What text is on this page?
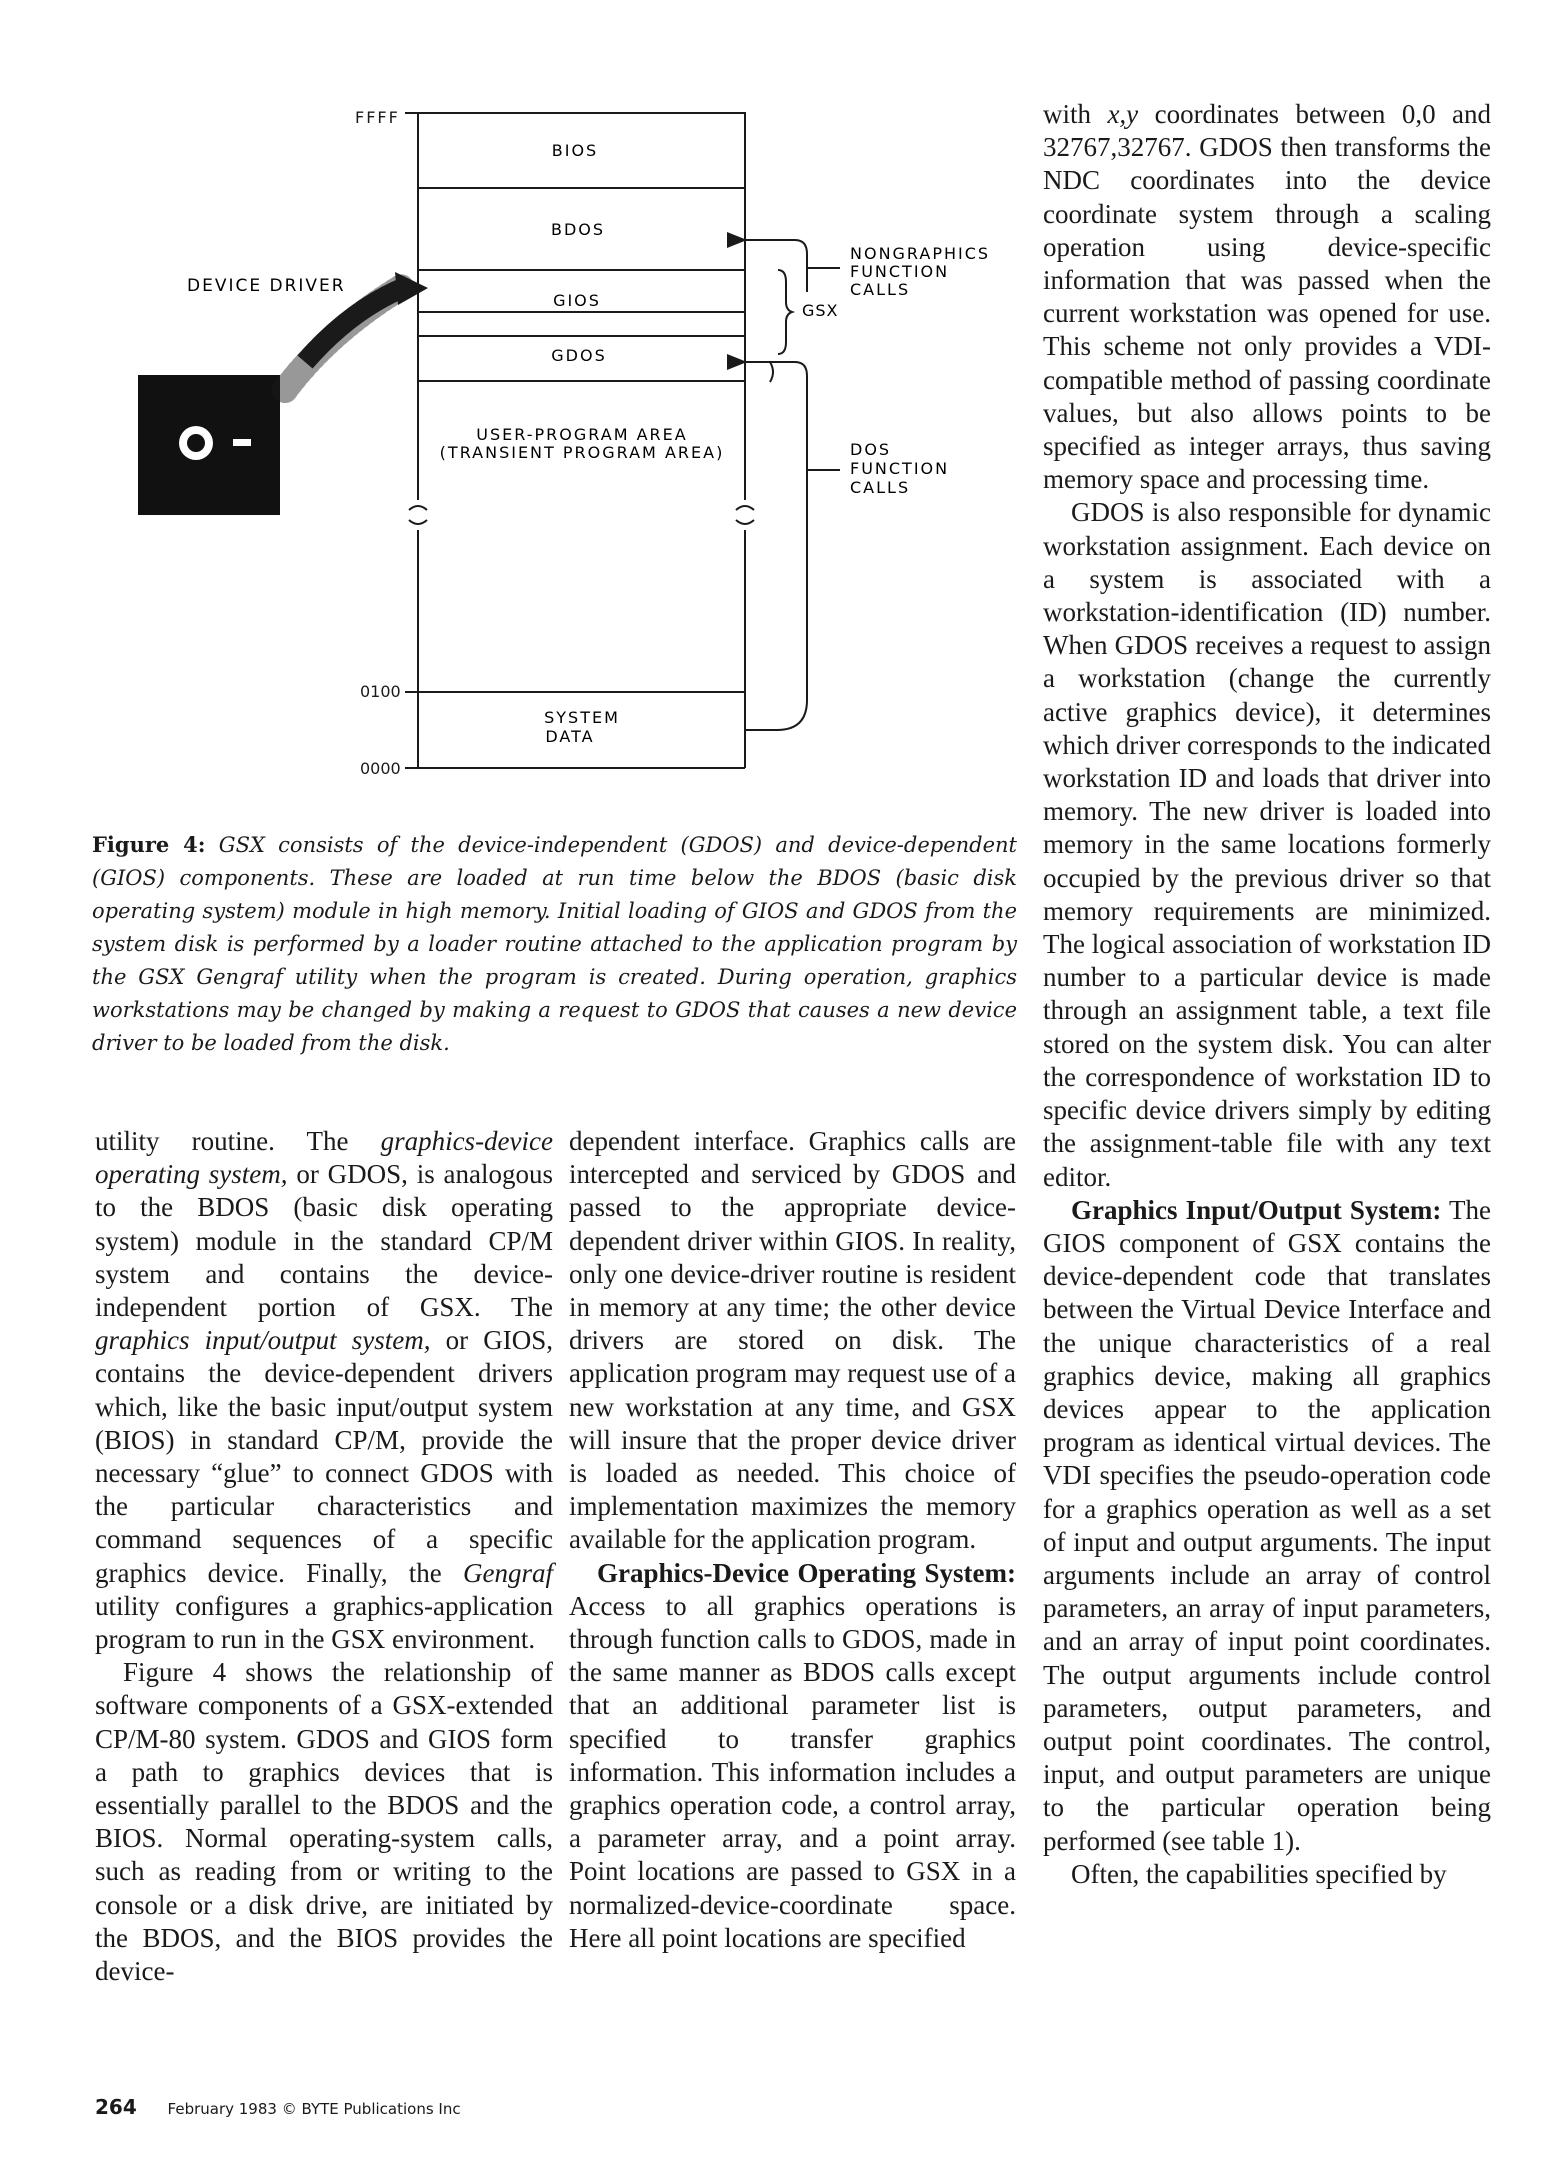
FFFF
0100
0000
BIOS
BDOS
GIOS
GDOS
USER-PROGRAM AREA
(TRANSIENT PROGRAM AREA)
SYSTEM
DATA
DEVICE DRIVER
GSX
NONGRAPHICS
FUNCTION
CALLS
DOS
FUNCTION
CALLS
Figure 4: GSX consists of the device-independent (GDOS) and device-dependent (GIOS) components. These are loaded at run time below the BDOS (basic disk operating system) module in high memory. Initial loading of GIOS and GDOS from the system disk is performed by a loader routine attached to the application program by the GSX Gengraf utility when the program is created. During operation, graphics workstations may be changed by making a request to GDOS that causes a new device driver to be loaded from the disk.

utility routine. The graphics-device operating system, or GDOS, is analogous to the BDOS (basic disk operating system) module in the standard CP/M system and contains the device-independent portion of GSX. The graphics input/output system, or GIOS, contains the device-dependent drivers which, like the basic input/output system (BIOS) in standard CP/M, provide the necessary “glue” to connect GDOS with the particular characteristics and command sequences of a specific graphics device. Finally, the Gengraf utility configures a graphics-application program to run in the GSX environment.

Figure 4 shows the relationship of software components of a GSX-extended CP/M-80 system. GDOS and GIOS form a path to graphics devices that is essentially parallel to the BDOS and the BIOS. Normal operating-system calls, such as reading from or writing to the console or a disk drive, are initiated by the BDOS, and the BIOS provides the device-

dependent interface. Graphics calls are intercepted and serviced by GDOS and passed to the appropriate device-dependent driver within GIOS. In reality, only one device-driver routine is resident in memory at any time; the other device drivers are stored on disk. The application program may request use of a new workstation at any time, and GSX will insure that the proper device driver is loaded as needed. This choice of implementation maximizes the memory available for the application program.

Graphics-Device Operating System: Access to all graphics operations is through function calls to GDOS, made in the same manner as BDOS calls except that an additional parameter list is specified to transfer graphics information. This information includes a graphics operation code, a control array, a parameter array, and a point array. Point locations are passed to GSX in a normalized-device-coordinate space. Here all point locations are specified

with x,y coordinates between 0,0 and 32767,32767. GDOS then transforms the NDC coordinates into the device coordinate system through a scaling operation using device-specific information that was passed when the current workstation was opened for use. This scheme not only provides a VDI-compatible method of passing coordinate values, but also allows points to be specified as integer arrays, thus saving memory space and processing time.

GDOS is also responsible for dynamic workstation assignment. Each device on a system is associated with a workstation-identification (ID) number. When GDOS receives a request to assign a workstation (change the currently active graphics device), it determines which driver corresponds to the indicated workstation ID and loads that driver into memory. The new driver is loaded into memory in the same locations formerly occupied by the previous driver so that memory requirements are minimized. The logical association of workstation ID number to a particular device is made through an assignment table, a text file stored on the system disk. You can alter the correspondence of workstation ID to specific device drivers simply by editing the assignment-table file with any text editor.

Graphics Input/Output System: The GIOS component of GSX contains the device-dependent code that translates between the Virtual Device Interface and the unique characteristics of a real graphics device, making all graphics devices appear to the application program as identical virtual devices. The VDI specifies the pseudo-operation code for a graphics operation as well as a set of input and output arguments. The input arguments include an array of control parameters, an array of input parameters, and an array of input point coordinates. The output arguments include control parameters, output parameters, and output point coordinates. The control, input, and output parameters are unique to the particular operation being performed (see table 1).

Often, the capabilities specified by

264 February 1983 © BYTE Publications Inc
